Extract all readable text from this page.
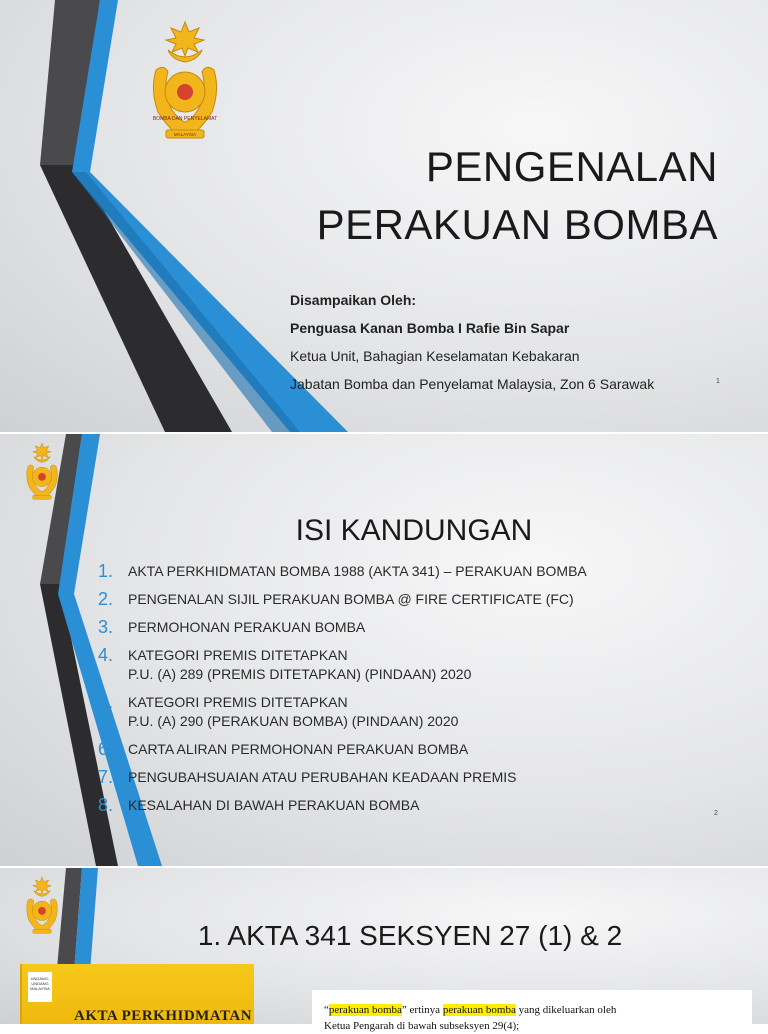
BOMBA DAN PENYELAMAT
MALAYSIA
PENGENALAN
PERAKUAN BOMBA
Disampaikan Oleh:
Penguasa Kanan Bomba I Rafie Bin Sapar
Ketua Unit, Bahagian Keselamatan Kebakaran
Jabatan Bomba dan Penyelamat Malaysia, Zon 6 Sarawak	1
ISI KANDUNGAN
1.	AKTA PERKHIDMATAN BOMBA 1988 (AKTA 341) – PERAKUAN BOMBA
2.	PENGENALAN SIJIL PERAKUAN BOMBA @ FIRE CERTIFICATE (FC)
3.	PERMOHONAN PERAKUAN BOMBA
4.	KATEGORI PREMIS DITETAPKAN
P.U. (A) 289 (PREMIS DITETAPKAN) (PINDAAN) 2020
5.	KATEGORI PREMIS DITETAPKAN
P.U. (A) 290 (PERAKUAN BOMBA) (PINDAAN) 2020
6.	CARTA ALIRAN PERMOHONAN PERAKUAN BOMBA
7.	PENGUBAHSUAIAN ATAU PERUBAHAN KEADAAN PREMIS
8.	KESALAHAN DI BAWAH PERAKUAN BOMBA
2
1. AKTA 341 SEKSYEN 27 (1) & 2
UNDANG-UNDANG MALAYSIA
AKTA PERKHIDMATAN	“perakuan bomba” ertinya perakuan bomba yang dikeluarkan oleh
Ketua Pengarah di bawah subseksyen 29(4);
